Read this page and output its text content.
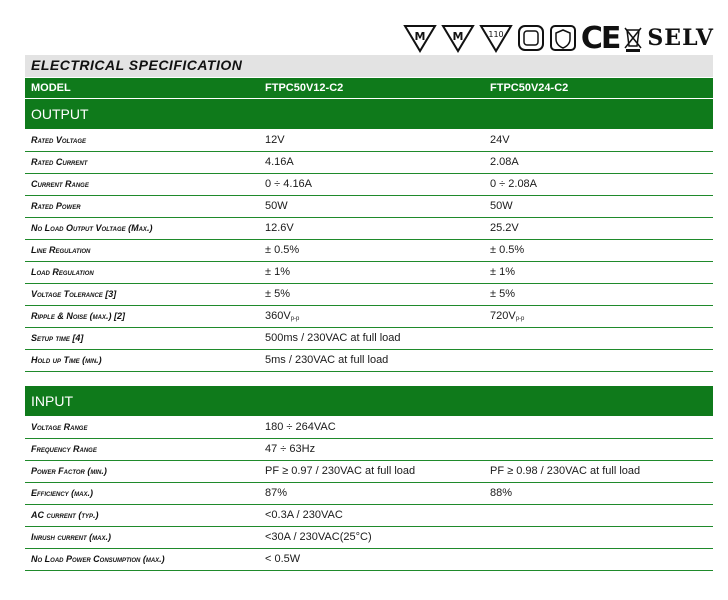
M M	110	CE SELV
ELECTRICAL SPECIFICATION
MODEL	FTPC50V12-C2	FTPC50V24-C2
OUTPUT
Rated Voltage	12V	24V
Rated Current	4.16A	2.08A
Current Range	0 ÷ 4.16A	0 ÷ 2.08A
Rated Power	50W	50W
No Load Output Voltage (Max.)	12.6V	25.2V
Line Regulation	± 0.5%	± 0.5%
Load Regulation	± 1%	± 1%
Voltage Tolerance [3]	± 5%	± 5%
Ripple & Noise (max.) [2]	360Vp-p	720Vp-p
Setup time [4]	500ms / 230VAC at full load
Hold up Time (min.)	5ms / 230VAC at full load
INPUT
Voltage Range	180 ÷ 264VAC
Frequency Range	47 ÷ 63Hz
Power Factor (min.)	PF ≥ 0.97 / 230VAC at full load	PF ≥ 0.98 / 230VAC at full load
Efficiency (max.)	87%	88%
AC current (typ.)	<0.3A / 230VAC
Inrush current (max.)	<30A / 230VAC(25°C)
No Load Power Consumption (max.)	< 0.5W
